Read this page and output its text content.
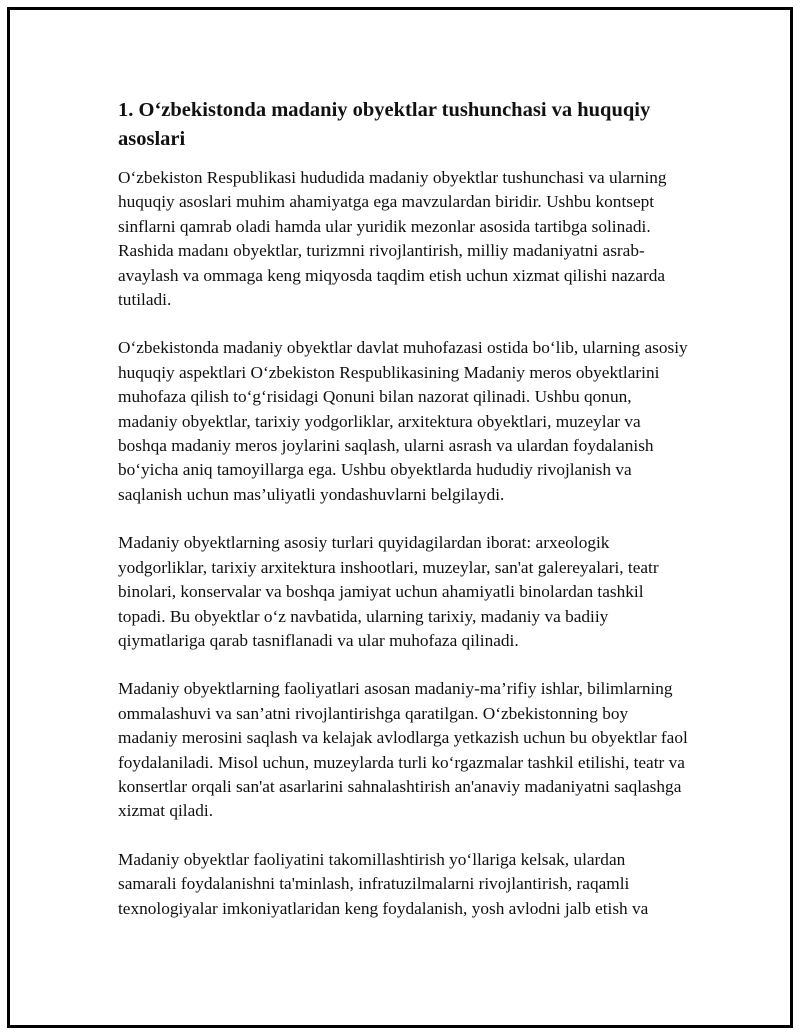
1. O‘zbekistonda madaniy obyektlar tushunchasi va huquqiy asoslari

O‘zbekiston Respublikasi hududida madaniy obyektlar tushunchasi va ularning huquqiy asoslari muhim ahamiyatga ega mavzulardan biridir. Ushbu kontsept sinflarni qamrab oladi hamda ular yuridik mezonlar asosida tartibga solinadi. Rashida madanı obyektlar, turizmni rivojlantirish, milliy madaniyatni asrab-avaylash va ommaga keng miqyosda taqdim etish uchun xizmat qilishi nazarda tutiladi.

O‘zbekistonda madaniy obyektlar davlat muhofazasi ostida bo‘lib, ularning asosiy huquqiy aspektlari O‘zbekiston Respublikasining Madaniy meros obyektlarini muhofaza qilish to‘g‘risidagi Qonuni bilan nazorat qilinadi. Ushbu qonun, madaniy obyektlar, tarixiy yodgorliklar, arxitektura obyektlari, muzeylar va boshqa madaniy meros joylarini saqlash, ularni asrash va ulardan foydalanish bo‘yicha aniq tamoyillarga ega. Ushbu obyektlarda hududiy rivojlanish va saqlanish uchun mas’uliyatli yondashuvlarni belgilaydi.

Madaniy obyektlarning asosiy turlari quyidagilardan iborat: arxeologik yodgorliklar, tarixiy arxitektura inshootlari, muzeylar, san'at galereyalari, teatr binolari, konservalar va boshqa jamiyat uchun ahamiyatli binolardan tashkil topadi. Bu obyektlar o‘z navbatida, ularning tarixiy, madaniy va badiiy qiymatlariga qarab tasniflanadi va ular muhofaza qilinadi.

Madaniy obyektlarning faoliyatlari asosan madaniy-ma’rifiy ishlar, bilimlarning ommalashuvi va san’atni rivojlantirishga qaratilgan. O‘zbekistonning boy madaniy merosini saqlash va kelajak avlodlarga yetkazish uchun bu obyektlar faol foydalaniladi. Misol uchun, muzeylarda turli ko‘rgazmalar tashkil etilishi, teatr va konsertlar orqali san'at asarlarini sahnalashtirish an'anaviy madaniyatni saqlashga xizmat qiladi.

Madaniy obyektlar faoliyatini takomillashtirish yo‘llariga kelsak, ulardan samarali foydalanishni ta'minlash, infratuzilmalarni rivojlantirish, raqamli texnologiyalar imkoniyatlaridan keng foydalanish, yosh avlodni jalb etish va
